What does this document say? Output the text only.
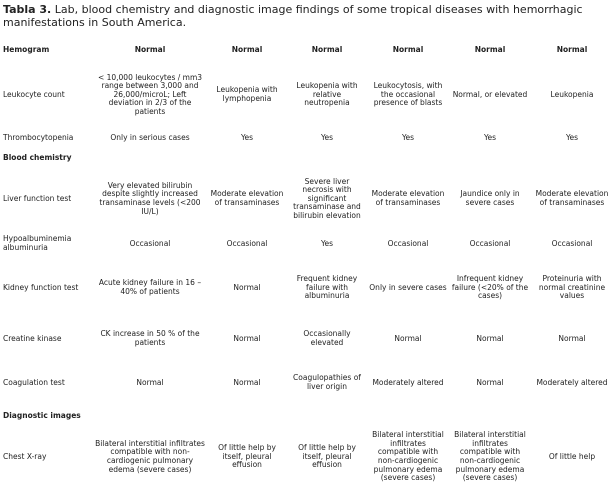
Tabla 3. Lab, blood chemistry and diagnostic image findings of some tropical diseases with hemorrhagic manifestations in South America.

Hemogram	Normal	Normal	Normal	Normal	Normal	Normal
Leukocyte count	< 10,000 leukocytes / mm3 range between 3,000 and 26,000/microL; Left deviation in 2/3 of the patients	Leukopenia with lymphopenia	Leukopenia with relative neutropenia	Leukocytosis, with the occasional presence of blasts	Normal, or elevated	Leukopenia
Thrombocytopenia	Only in serious cases	Yes	Yes	Yes	Yes	Yes
Blood chemistry						
Liver function test	Very elevated bilirubin despite slightly increased transaminase levels (<200 IU/L)	Moderate elevation of transaminases	Severe liver necrosis with significant transaminase and bilirubin elevation	Moderate elevation of transaminases	Jaundice only in severe cases	Moderate elevation of transaminases
Hypoalbuminemia albuminuria	Occasional	Occasional	Yes	Occasional	Occasional	Occasional
Kidney function test	Acute kidney failure in 16 – 40% of patients	Normal	Frequent kidney failure with albuminuria	Only in severe cases	Infrequent kidney failure (<20% of the cases)	Proteinuria with normal creatinine values
Creatine kinase	CK increase in 50 % of the patients	Normal	Occasionally elevated	Normal	Normal	Normal
Coagulation test	Normal	Normal	Coagulopathies of liver origin	Moderately altered	Normal	Moderately altered
Diagnostic images						
Chest X-ray	Bilateral interstitial infiltrates compatible with non-cardiogenic pulmonary edema (severe cases)	Of little help by itself, pleural effusion	Of little help by itself, pleural effusion	Bilateral interstitial infiltrates compatible with non-cardiogenic pulmonary edema (severe cases)	Bilateral interstitial infiltrates compatible with non-cardiogenic pulmonary edema (severe cases)	Of little help
